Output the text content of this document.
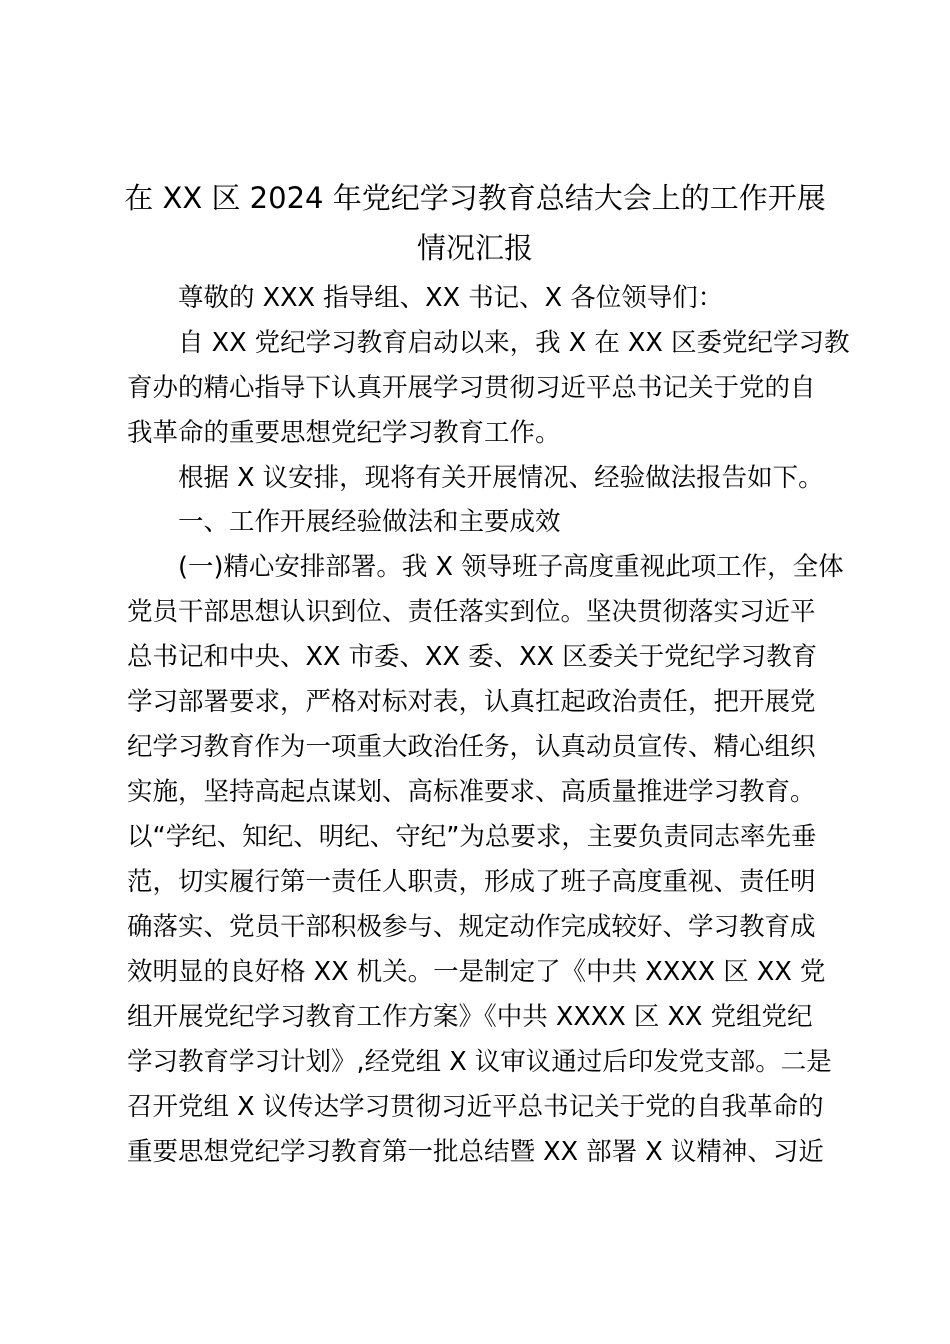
在 XX 区 2024 年党纪学习教育总结大会上的工作开展
情况汇报
尊敬的 XXX 指导组、XX 书记、X 各位领导们：
自 XX 党纪学习教育启动以来，我 X 在 XX 区委党纪学习教
育办的精心指导下认真开展学习贯彻习近平总书记关于党的自
我革命的重要思想党纪学习教育工作。
根据 X 议安排，现将有关开展情况、经验做法报告如下。
一、工作开展经验做法和主要成效
(一)精心安排部署。我 X 领导班子高度重视此项工作，全体
党员干部思想认识到位、责任落实到位。坚决贯彻落实习近平
总书记和中央、XX 市委、XX 委、XX 区委关于党纪学习教育
学习部署要求，严格对标对表，认真扛起政治责任，把开展党
纪学习教育作为一项重大政治任务，认真动员宣传、精心组织
实施，坚持高起点谋划、高标准要求、高质量推进学习教育。
以“学纪、知纪、明纪、守纪”为总要求，主要负责同志率先垂
范，切实履行第一责任人职责，形成了班子高度重视、责任明
确落实、党员干部积极参与、规定动作完成较好、学习教育成
效明显的良好格 XX 机关。一是制定了《中共 XXXX 区 XX 党
组开展党纪学习教育工作方案》《中共 XXXX 区 XX 党组党纪
学习教育学习计划》,经党组 X 议审议通过后印发党支部。二是
召开党组 X 议传达学习贯彻习近平总书记关于党的自我革命的
重要思想党纪学习教育第一批总结暨 XX 部署 X 议精神、习近
